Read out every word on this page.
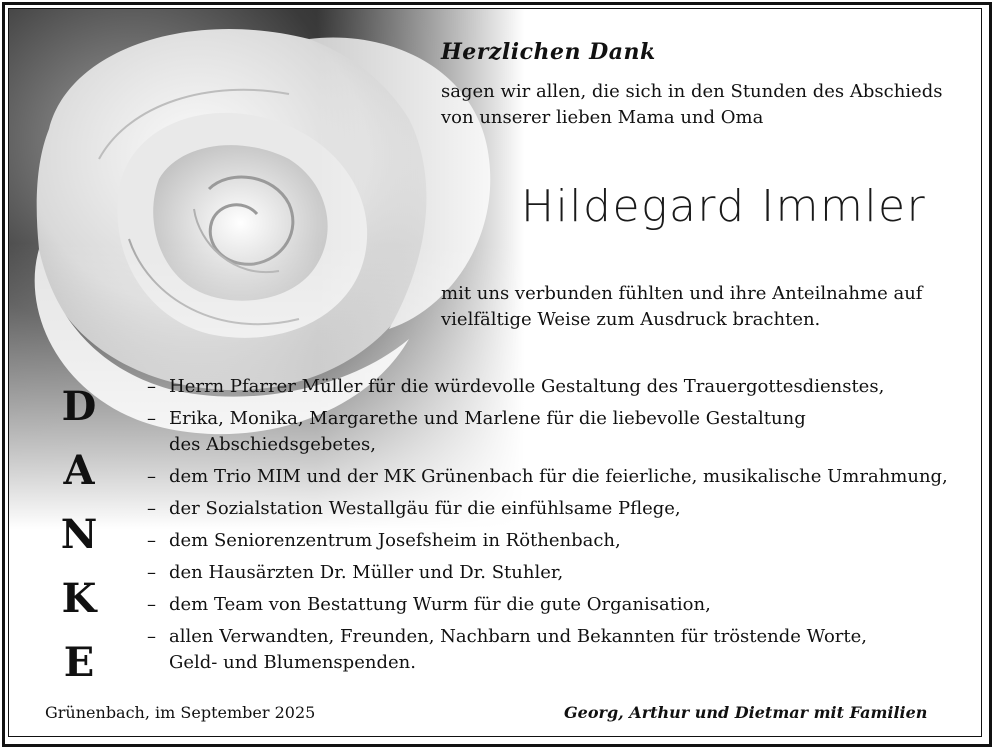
Herzlichen Dank
sagen wir allen, die sich in den Stunden des Abschieds
von unserer lieben Mama und Oma
Hildegard Immler
mit uns verbunden fühlten und ihre Anteilnahme auf
vielfältige Weise zum Ausdruck brachten.
D
A
N
K
E
– Herrn Pfarrer Müller für die würdevolle Gestaltung des Trauergottesdienstes,
– Erika, Monika, Margarethe und Marlene für die liebevolle Gestaltung
des Abschiedsgebetes,
– dem Trio MIM und der MK Grünenbach für die feierliche, musikalische Umrahmung,
– der Sozialstation Westallgäu für die einfühlsame Pflege,
– dem Seniorenzentrum Josefsheim in Röthenbach,
– den Hausärzten Dr. Müller und Dr. Stuhler,
– dem Team von Bestattung Wurm für die gute Organisation,
– allen Verwandten, Freunden, Nachbarn und Bekannten für tröstende Worte,
Geld- und Blumenspenden.
Grünenbach, im September 2025	Georg, Arthur und Dietmar mit Familien
